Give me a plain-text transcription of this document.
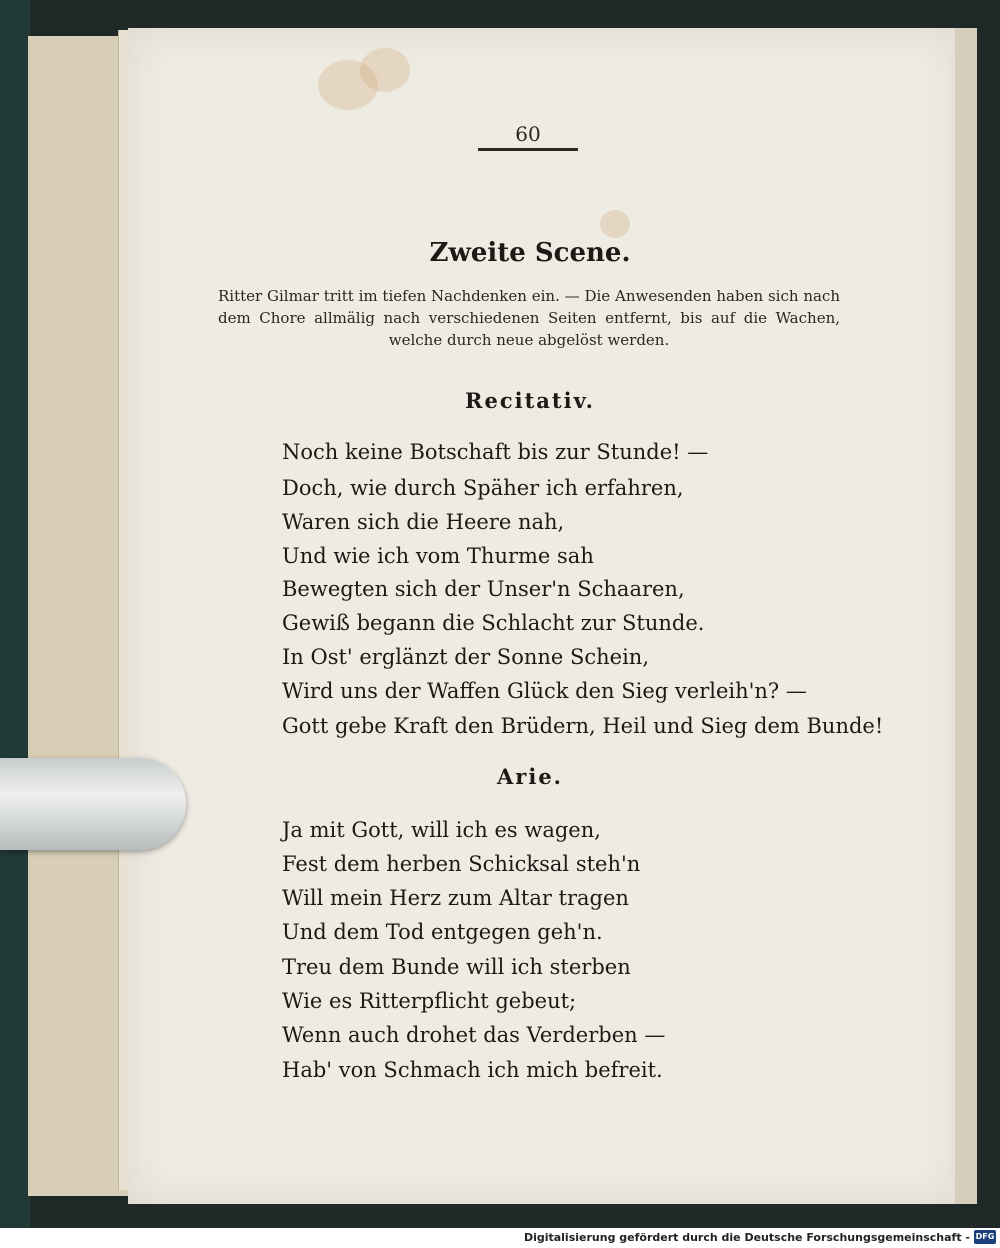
60
Zweite Scene.
Ritter Gilmar tritt im tiefen Nachdenken ein. — Die Anwesenden haben sich nach dem Chore allmälig nach verschiedenen Seiten entfernt, bis auf die Wachen, welche durch neue abgelöst werden.
Recitativ.
Noch keine Botschaft bis zur Stunde! —
Doch, wie durch Späher ich erfahren,
Waren sich die Heere nah,
Und wie ich vom Thurme sah
Bewegten sich der Unser'n Schaaren,
Gewiß begann die Schlacht zur Stunde.
In Ost' erglänzt der Sonne Schein,
Wird uns der Waffen Glück den Sieg verleih'n? —
Gott gebe Kraft den Brüdern, Heil und Sieg dem Bunde!
Arie.
Ja mit Gott, will ich es wagen,
Fest dem herben Schicksal steh'n
Will mein Herz zum Altar tragen
Und dem Tod entgegen geh'n.
Treu dem Bunde will ich sterben
Wie es Ritterpflicht gebeut;
Wenn auch drohet das Verderben —
Hab' von Schmach ich mich befreit.
Digitalisierung gefördert durch die Deutsche Forschungsgemeinschaft - DFG
